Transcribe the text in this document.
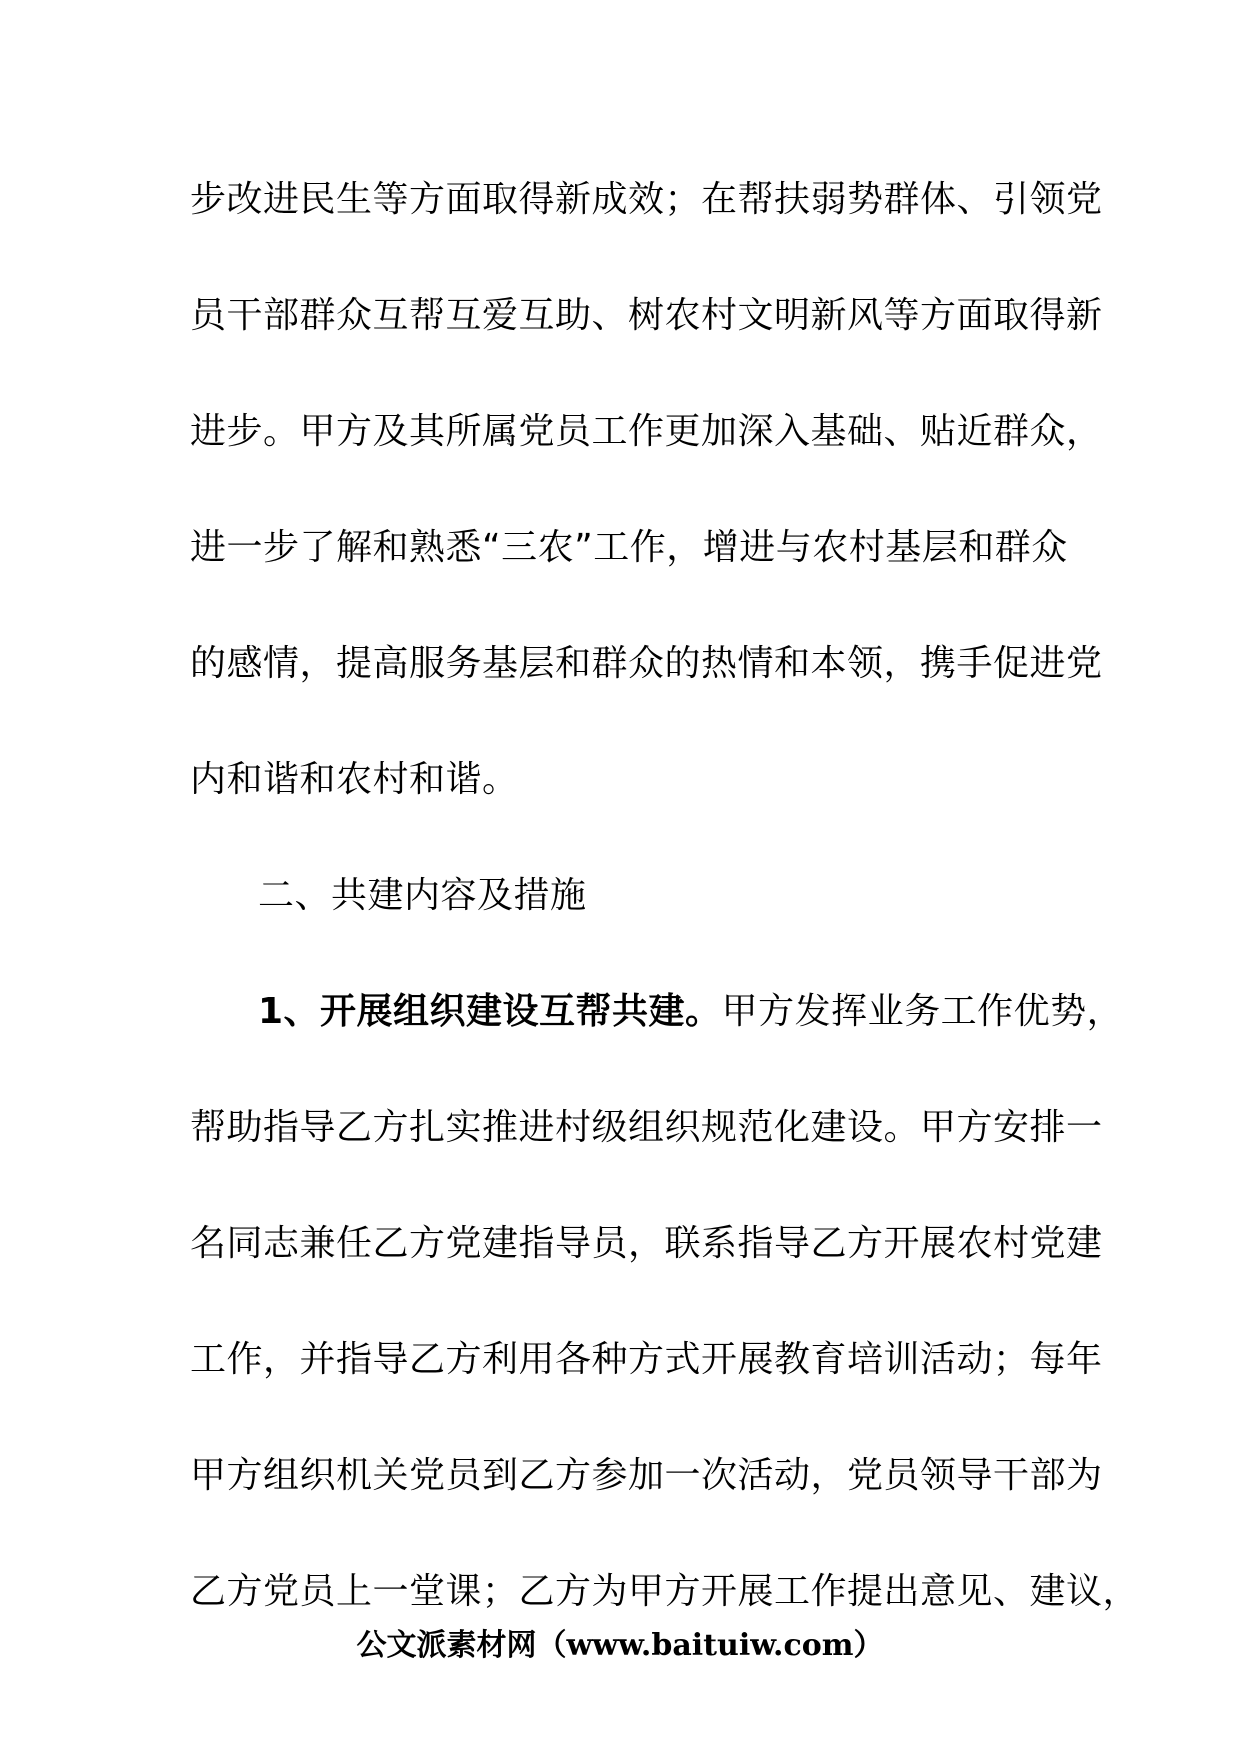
步改进民生等方面取得新成效；在帮扶弱势群体、引领党
员干部群众互帮互爱互助、树农村文明新风等方面取得新
进步。甲方及其所属党员工作更加深入基础、贴近群众，
进一步了解和熟悉“三农”工作，增进与农村基层和群众
的感情，提高服务基层和群众的热情和本领，携手促进党
内和谐和农村和谐。
二、共建内容及措施
1、开展组织建设互帮共建。甲方发挥业务工作优势，
帮助指导乙方扎实推进村级组织规范化建设。甲方安排一
名同志兼任乙方党建指导员，联系指导乙方开展农村党建
工作，并指导乙方利用各种方式开展教育培训活动；每年
甲方组织机关党员到乙方参加一次活动，党员领导干部为
乙方党员上一堂课；乙方为甲方开展工作提出意见、建议，
公文派素材网（www.baituiw.com）
